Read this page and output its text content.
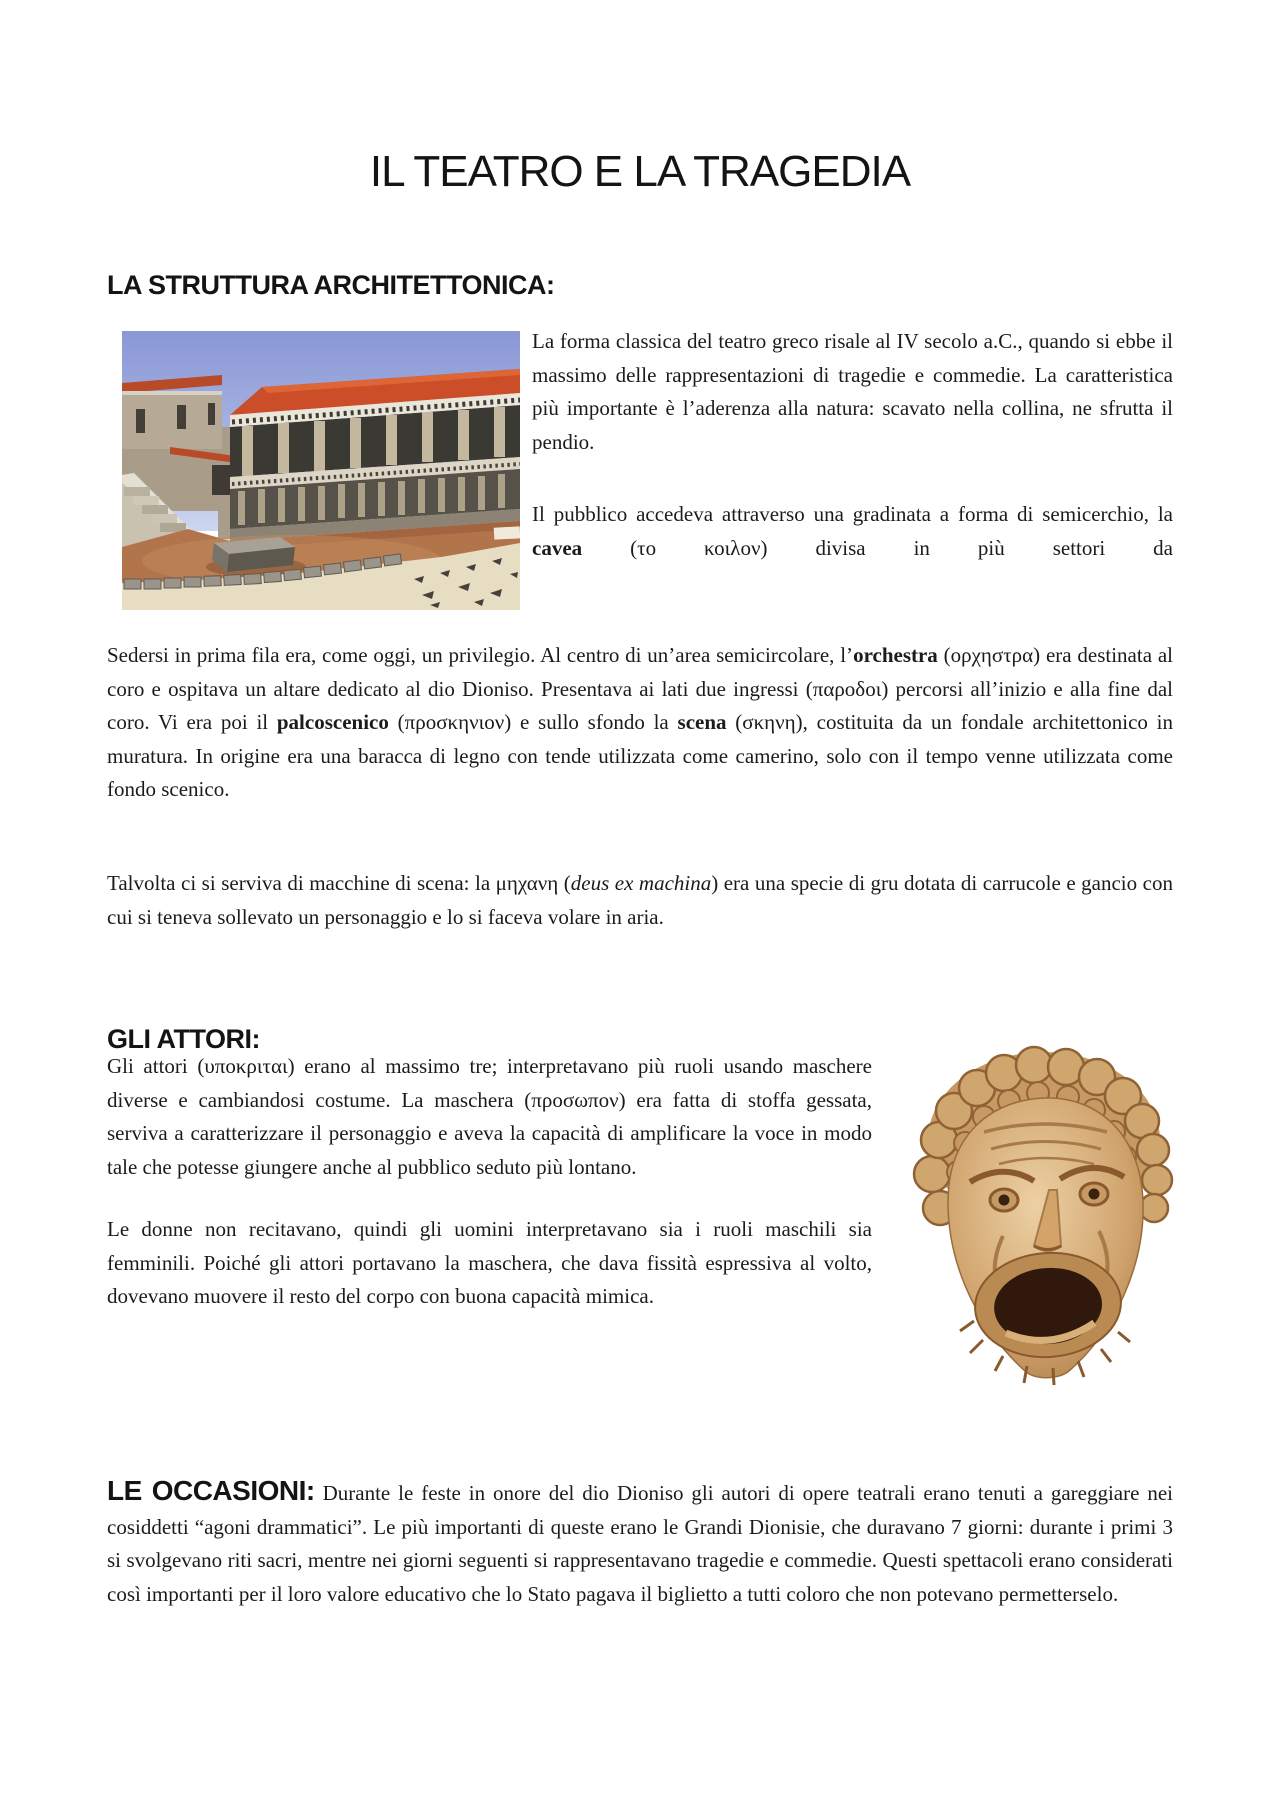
IL TEATRO E LA TRAGEDIA
LA STRUTTURA ARCHITETTONICA:

La forma classica del teatro greco risale al IV secolo a.C., quando si ebbe il massimo delle rappresentazioni di tragedie e commedie. La caratteristica più importante è l’aderenza alla natura: scavato nella collina, ne sfrutta il pendio.

Il pubblico accedeva attraverso una gradinata a forma di semicerchio, la cavea (το κοιλον) divisa in più settori da

Sedersi in prima fila era, come oggi, un privilegio. Al centro di un’area semicircolare, l’orchestra (ορχηστρα) era destinata al coro e ospitava un altare dedicato al dio Dioniso. Presentava ai lati due ingressi (παροδοι) percorsi all’inizio e alla fine dal coro. Vi era poi il palcoscenico (προσκηνιον) e sullo sfondo la scena (σκηνη), costituita da un fondale architettonico in muratura. In origine era una baracca di legno con tende utilizzata come camerino, solo con il tempo venne utilizzata come fondo scenico.

Talvolta ci si serviva di macchine di scena: la μηχανη (deus ex machina) era una specie di gru dotata di carrucole e gancio con cui si teneva sollevato un personaggio e lo si faceva volare in aria.

GLI ATTORI:

Gli attori (υποκριται) erano al massimo tre; interpretavano più ruoli usando maschere diverse e cambiandosi costume. La maschera (προσωπον) era fatta di stoffa gessata, serviva a caratterizzare il personaggio e aveva la capacità di amplificare la voce in modo tale che potesse giungere anche al pubblico seduto più lontano.

Le donne non recitavano, quindi gli uomini interpretavano sia i ruoli maschili sia femminili. Poiché gli attori portavano la maschera, che dava fissità espressiva al volto, dovevano muovere il resto del corpo con buona capacità mimica.

LE OCCASIONI: Durante le feste in onore del dio Dioniso gli autori di opere teatrali erano tenuti a gareggiare nei cosiddetti “agoni drammatici”. Le più importanti di queste erano le Grandi Dionisie, che duravano 7 giorni: durante i primi 3 si svolgevano riti sacri, mentre nei giorni seguenti si rappresentavano tragedie e commedie. Questi spettacoli erano considerati così importanti per il loro valore educativo che lo Stato pagava il biglietto a tutti coloro che non potevano permetterselo.
